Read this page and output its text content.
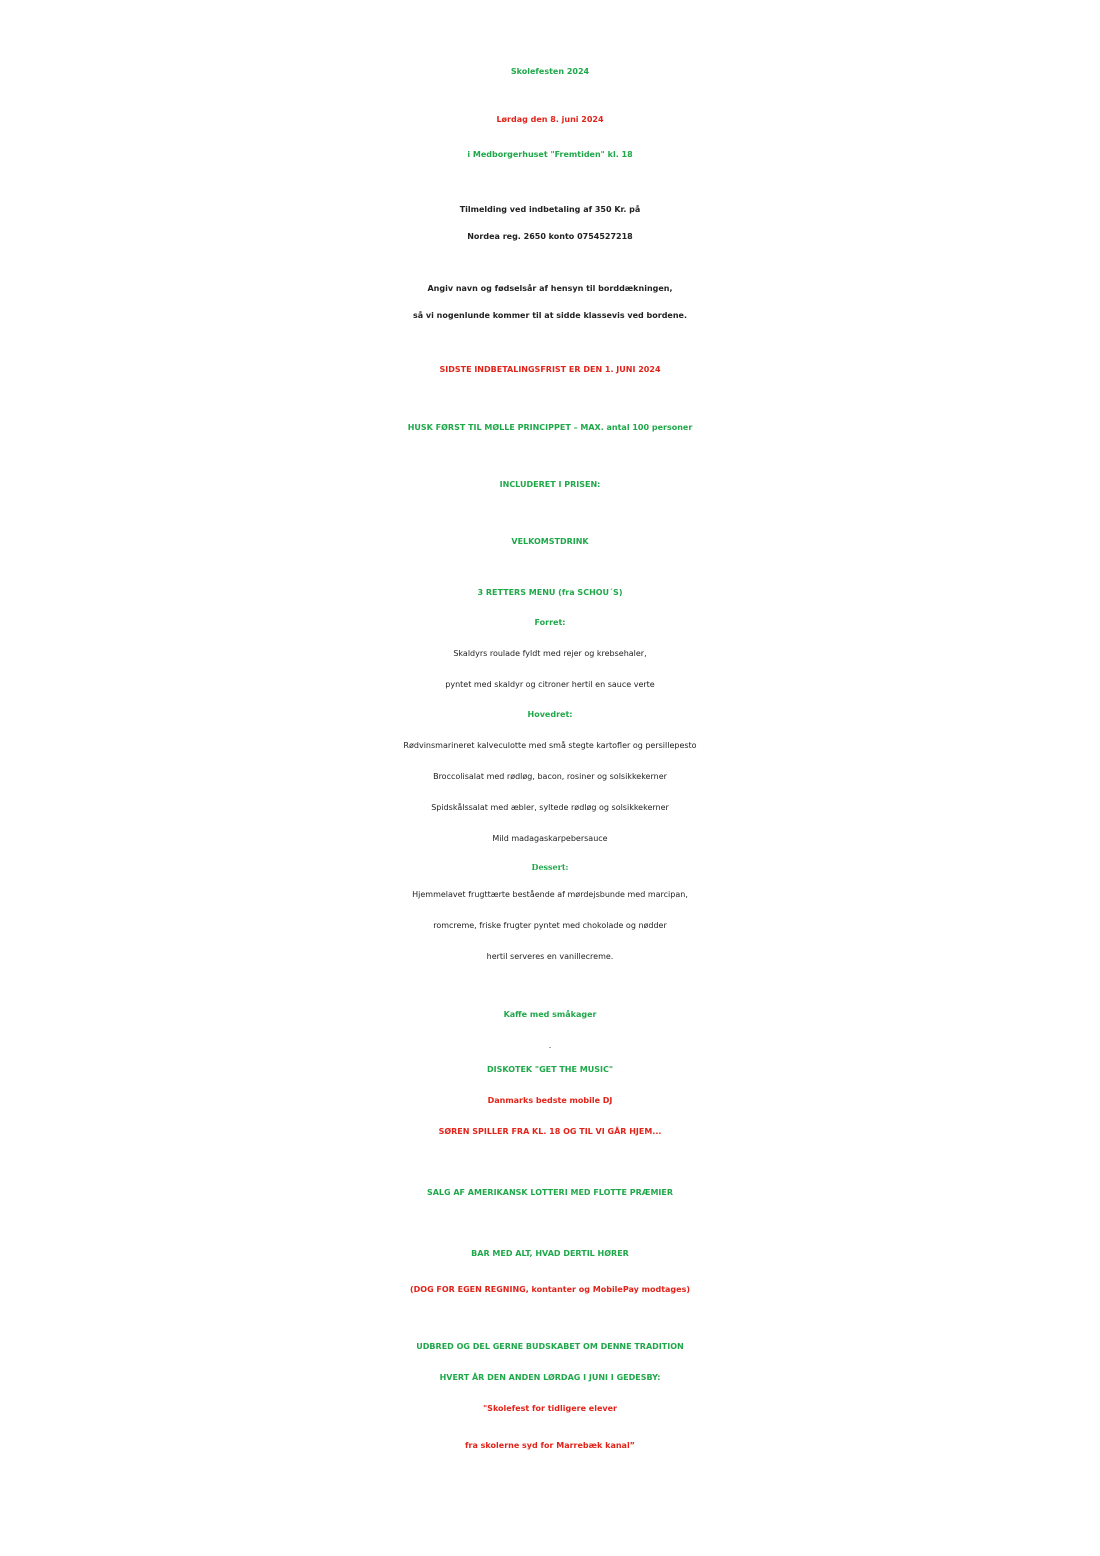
Skolefesten 2024
Lørdag den 8. juni 2024
i Medborgerhuset "Fremtiden" kl. 18
Tilmelding ved indbetaling af 350 Kr. på
Nordea reg. 2650 konto 0754527218
Angiv navn og fødselsår af hensyn til borddækningen,
så vi nogenlunde kommer til at sidde klassevis ved bordene.
SIDSTE INDBETALINGSFRIST ER DEN 1. JUNI 2024
HUSK FØRST TIL MØLLE PRINCIPPET – MAX. antal 100 personer
INCLUDERET I PRISEN:
VELKOMSTDRINK
3 RETTERS MENU (fra SCHOU´S)
Forret:
Skaldyrs roulade fyldt med rejer og krebsehaler,
pyntet med skaldyr og citroner hertil en sauce verte
Hovedret:
Rødvinsmarineret kalveculotte med små stegte kartofler og persillepesto
Broccolisalat med rødløg, bacon, rosiner og solsikkekerner
Spidskålssalat med æbler, syltede rødløg og solsikkekerner
Mild madagaskarpebersauce
Dessert:
Hjemmelavet frugttærte bestående af mørdejsbunde med marcipan,
romcreme, friske frugter pyntet med chokolade og nødder
hertil serveres en vanillecreme.
Kaffe med småkager
.
DISKOTEK "GET THE MUSIC"
Danmarks bedste mobile DJ
SØREN SPILLER FRA KL. 18 OG TIL VI GÅR HJEM...
SALG AF AMERIKANSK LOTTERI MED FLOTTE PRÆMIER
BAR MED ALT, HVAD DERTIL HØRER
(DOG FOR EGEN REGNING, kontanter og MobilePay modtages)
UDBRED OG DEL GERNE BUDSKABET OM DENNE TRADITION
HVERT ÅR DEN ANDEN LØRDAG I JUNI I GEDESBY:
"Skolefest for tidligere elever
fra skolerne syd for Marrebæk kanal”
